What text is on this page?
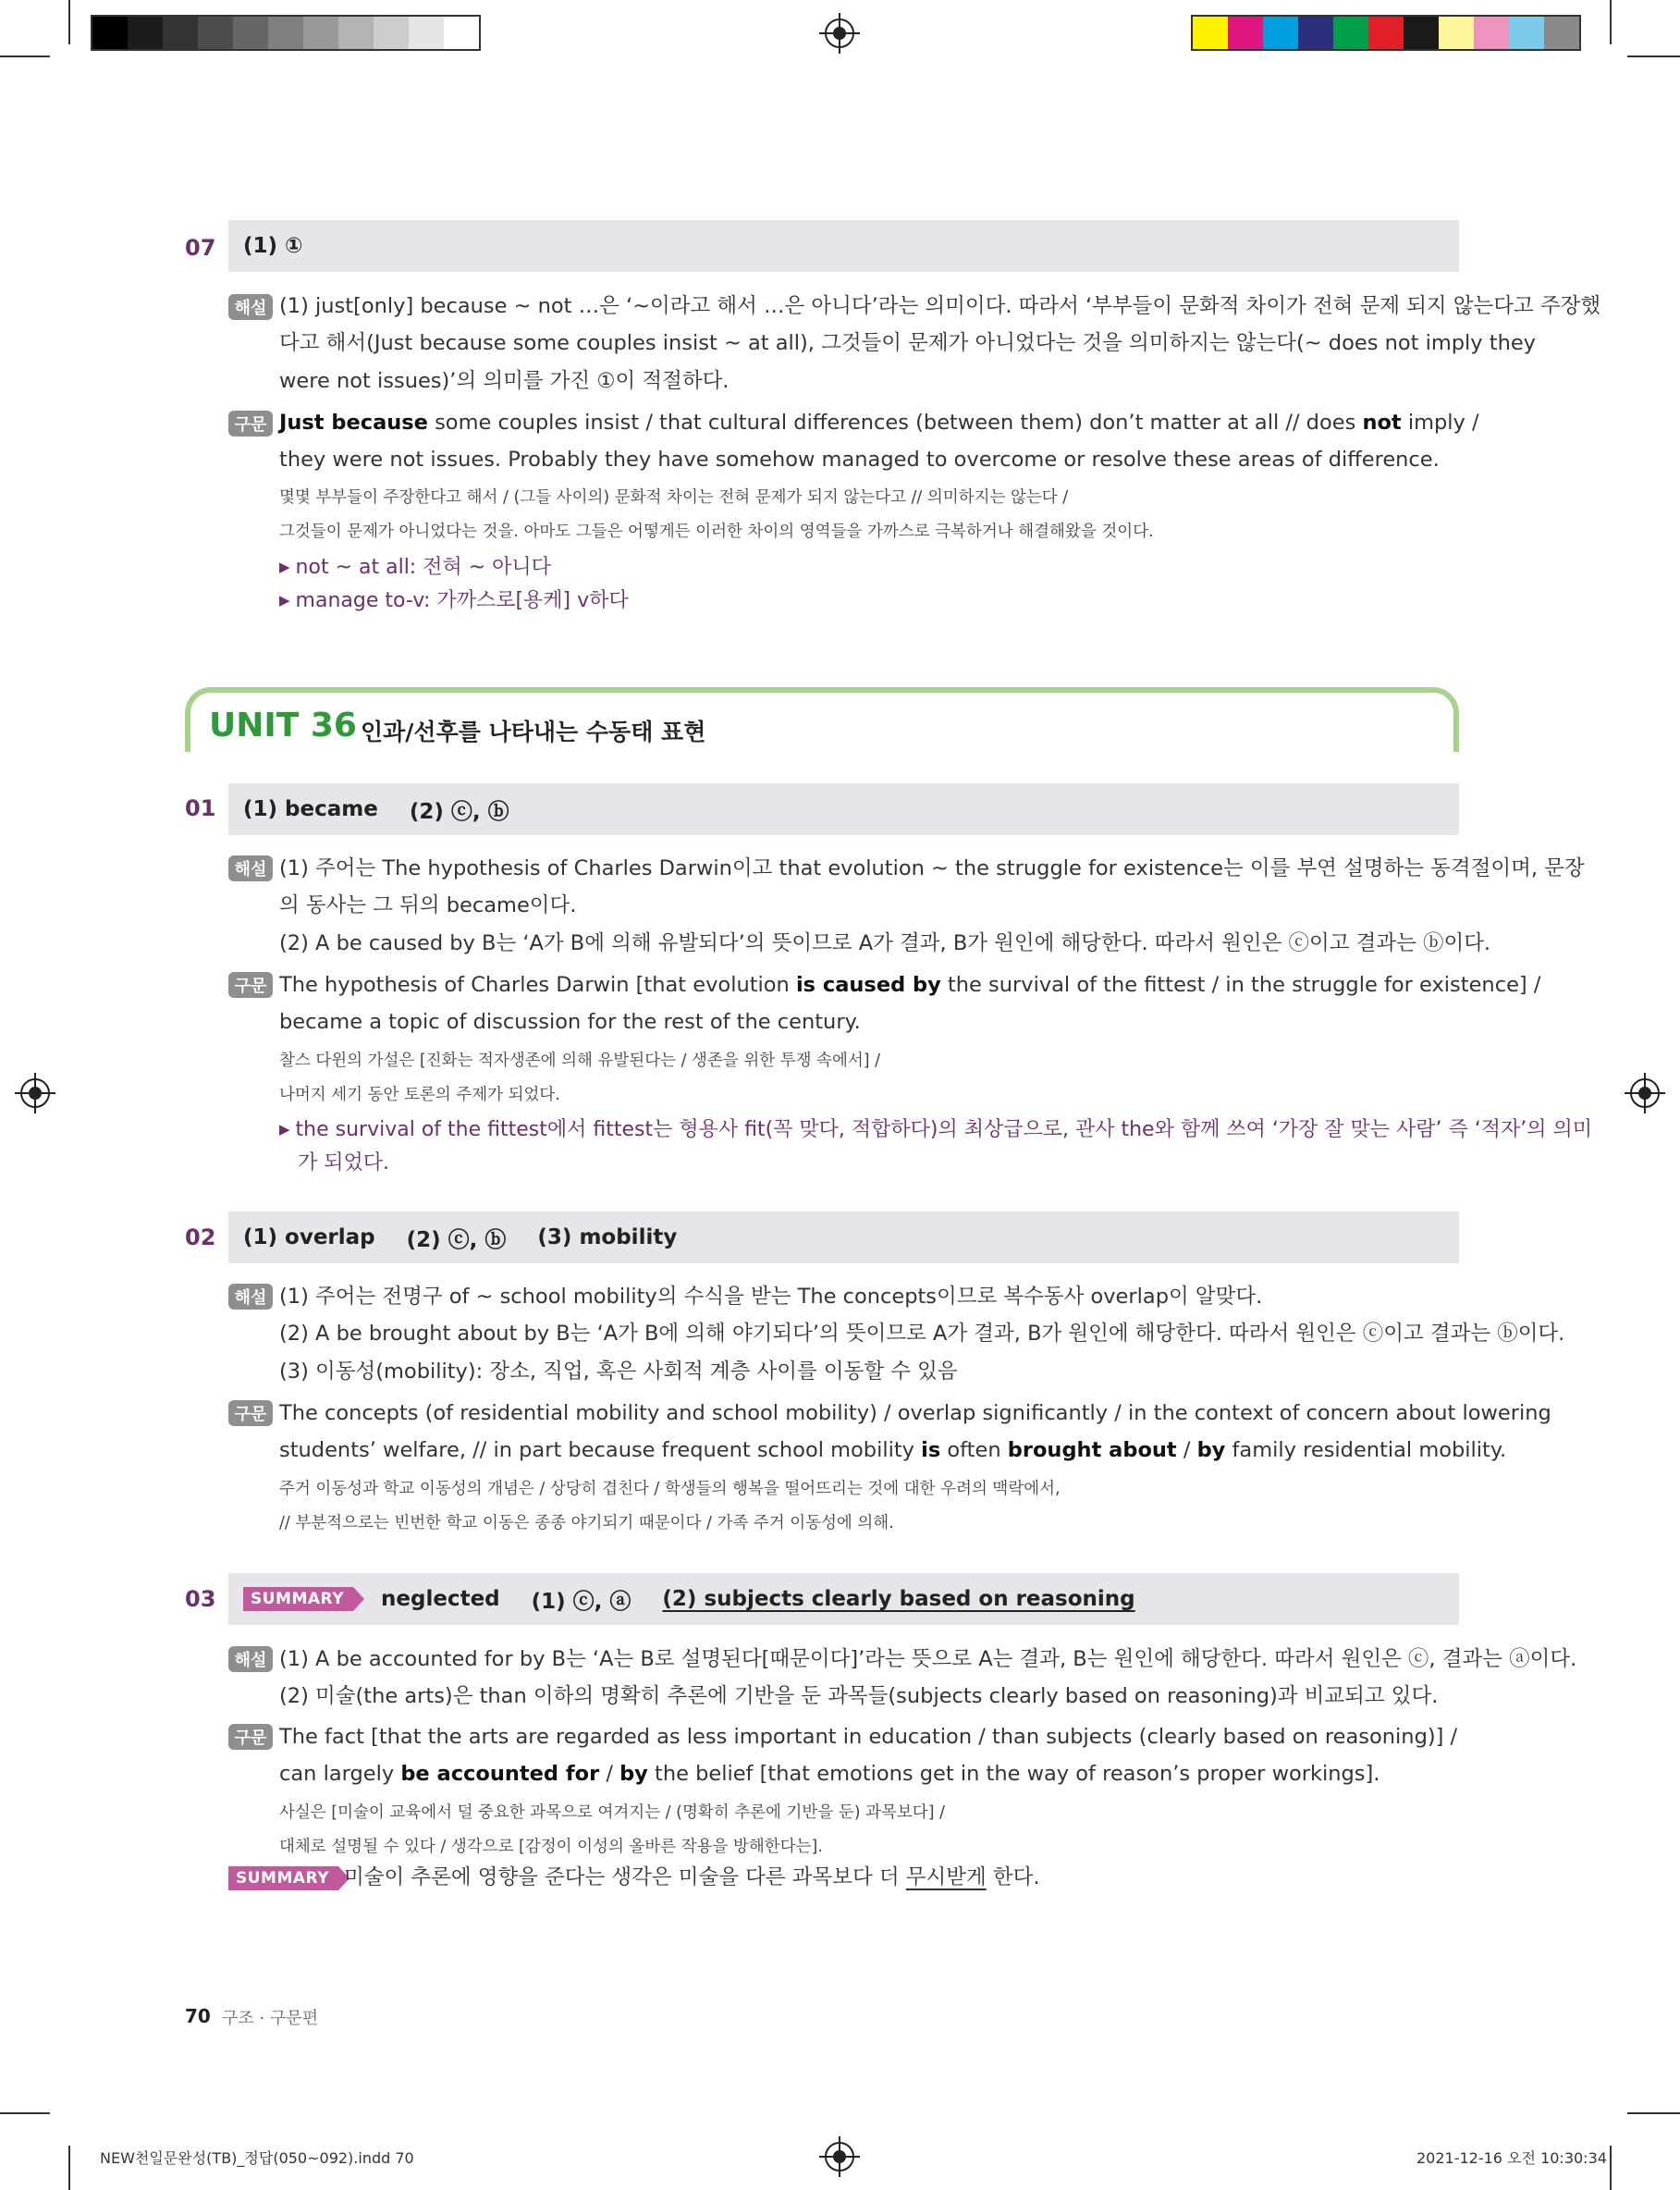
07 (1) ①
해설 (1) just[only] because ~ not …은 ‘~이라고 해서 …은 아니다’라는 의미이다. 따라서 ‘부부들이 문화적 차이가 전혀 문제 되지 않는다고 주장했
다고 해서(Just because some couples insist ~ at all), 그것들이 문제가 아니었다는 것을 의미하지는 않는다(~ does not imply they
were not issues)’의 의미를 가진 ①이 적절하다.
구문 Just because some couples insist / that cultural differences (between them) don’t matter at all // does not imply /
they were not issues. Probably they have somehow managed to overcome or resolve these areas of difference.
몇몇 부부들이 주장한다고 해서 / (그들 사이의) 문화적 차이는 전혀 문제가 되지 않는다고 // 의미하지는 않는다 /
그것들이 문제가 아니었다는 것을. 아마도 그들은 어떻게든 이러한 차이의 영역들을 가까스로 극복하거나 해결해왔을 것이다.
▶ not ~ at all: 전혀 ~ 아니다
▶ manage to-v: 가까스로[용케] v하다
UNIT 36 인과/선후를 나타내는 수동태 표현
01 (1) became (2) ⓒ, ⓑ
해설 (1) 주어는 The hypothesis of Charles Darwin이고 that evolution ~ the struggle for existence는 이를 부연 설명하는 동격절이며, 문장
의 동사는 그 뒤의 became이다.
(2) A be caused by B는 ‘A가 B에 의해 유발되다’의 뜻이므로 A가 결과, B가 원인에 해당한다. 따라서 원인은 ⓒ이고 결과는 ⓑ이다.
구문 The hypothesis of Charles Darwin [that evolution is caused by the survival of the fittest / in the struggle for existence] /
became a topic of discussion for the rest of the century.
찰스 다윈의 가설은 [진화는 적자생존에 의해 유발된다는 / 생존을 위한 투쟁 속에서] /
나머지 세기 동안 토론의 주제가 되었다.
▶ the survival of the fittest에서 fittest는 형용사 fit(꼭 맞다, 적합하다)의 최상급으로, 관사 the와 함께 쓰여 ‘가장 잘 맞는 사람’ 즉 ‘적자’의 의미
가 되었다.
02 (1) overlap (2) ⓒ, ⓑ (3) mobility
해설 (1) 주어는 전명구 of ~ school mobility의 수식을 받는 The concepts이므로 복수동사 overlap이 알맞다.
(2) A be brought about by B는 ‘A가 B에 의해 야기되다’의 뜻이므로 A가 결과, B가 원인에 해당한다. 따라서 원인은 ⓒ이고 결과는 ⓑ이다.
(3) 이동성(mobility): 장소, 직업, 혹은 사회적 계층 사이를 이동할 수 있음
구문 The concepts (of residential mobility and school mobility) / overlap significantly / in the context of concern about lowering
students’ welfare, // in part because frequent school mobility is often brought about / by family residential mobility.
주거 이동성과 학교 이동성의 개념은 / 상당히 겹친다 / 학생들의 행복을 떨어뜨리는 것에 대한 우려의 맥락에서,
// 부분적으로는 빈번한 학교 이동은 종종 야기되기 때문이다 / 가족 주거 이동성에 의해.
03	SUMMARY	neglected (1) ⓒ, ⓐ (2) subjects clearly based on reasoning
해설 (1) A be accounted for by B는 ‘A는 B로 설명된다[때문이다]’라는 뜻으로 A는 결과, B는 원인에 해당한다. 따라서 원인은 ⓒ, 결과는 ⓐ이다.
(2) 미술(the arts)은 than 이하의 명확히 추론에 기반을 둔 과목들(subjects clearly based on reasoning)과 비교되고 있다.
구문 The fact [that the arts are regarded as less important in education / than subjects (clearly based on reasoning)] /
can largely be accounted for / by the belief [that emotions get in the way of reason’s proper workings].
사실은 [미술이 교육에서 덜 중요한 과목으로 여겨지는 / (명확히 추론에 기반을 둔) 과목보다] /
대체로 설명될 수 있다 / 생각으로 [감정이 이성의 올바른 작용을 방해한다는].
SUMMARY 미술이 추론에 영향을 준다는 생각은 미술을 다른 과목보다 더 무시받게 한다.
70 구조 · 구문편
NEW천일문완성(TB)_정답(050~092).indd 70	2021-12-16 오전 10:30:34
